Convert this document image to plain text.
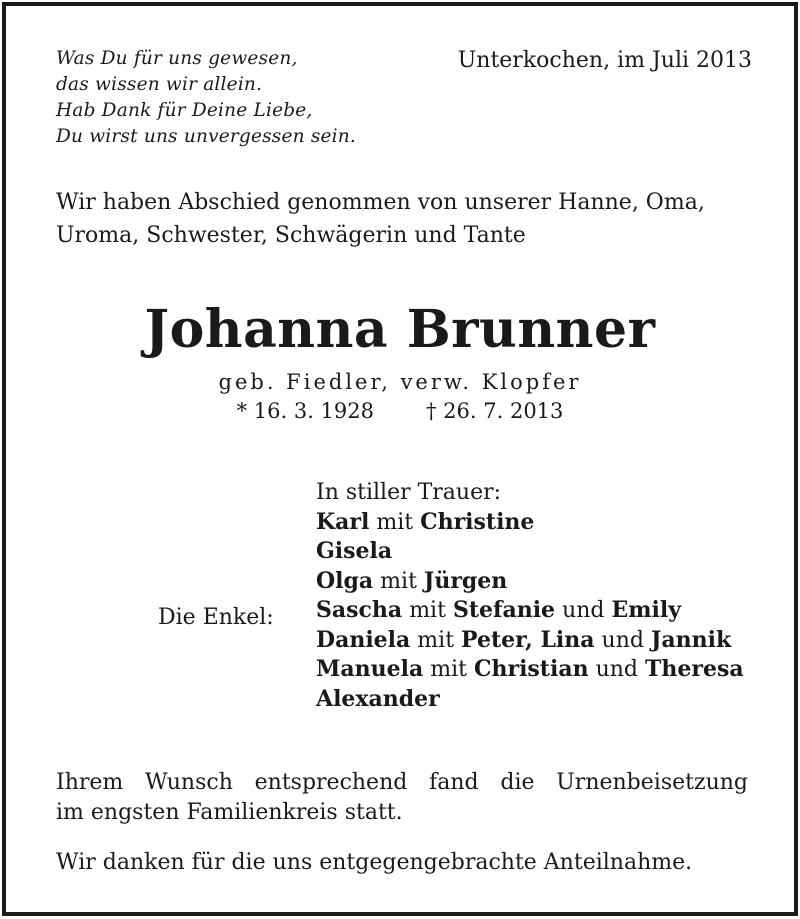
Was Du für uns gewesen,
das wissen wir allein.
Hab Dank für Deine Liebe,
Du wirst uns unvergessen sein.
Unterkochen, im Juli 2013
Wir haben Abschied genommen von unserer Hanne, Oma,
Uroma, Schwester, Schwägerin und Tante
Johanna Brunner
geb. Fiedler, verw. Klopfer
* 16. 3. 1928 † 26. 7. 2013
In stiller Trauer:
Karl mit Christine
Gisela
Olga mit Jürgen
Sascha mit Stefanie und Emily
Daniela mit Peter, Lina und Jannik
Manuela mit Christian und Theresa
Alexander
Die Enkel:
Ihrem Wunsch entsprechend fand die Urnenbeisetzung
im engsten Familienkreis statt.
Wir danken für die uns entgegengebrachte Anteilnahme.
